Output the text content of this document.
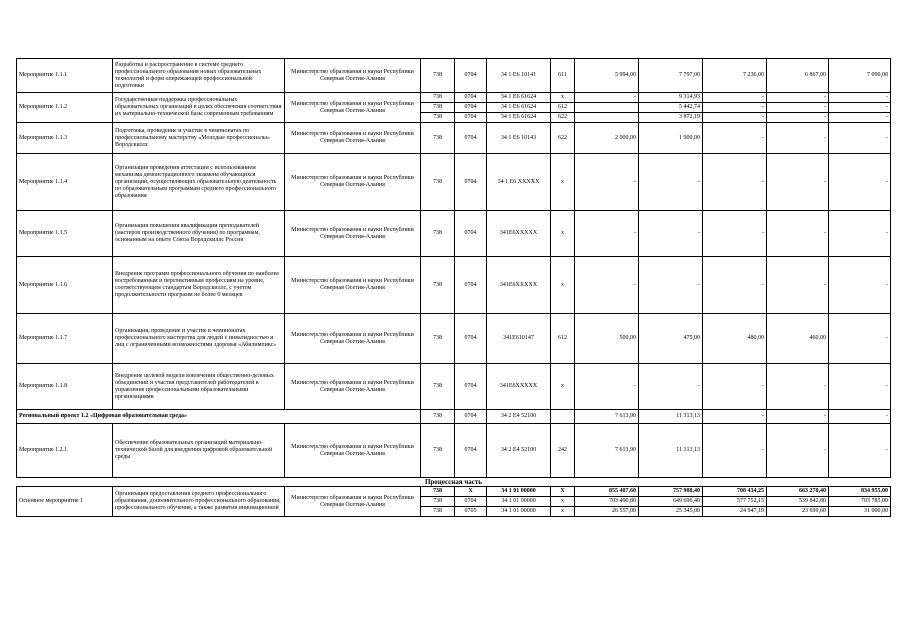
Мероприятие 1.1.1	Разработка и распространение в системе среднего профессионального образования новых образовательных технологий и форм опережающей профессиональной подготовки	Министерство образования и науки Республики Северная Осетия-Алания	738	0704	34 1 E6 10141	611	5 994,00	7 797,00	7 236,00	6 867,00	7 090,00
Мероприятие 1.1.2	Государственная поддержка профессиональных образовательных организаций в целях обеспечения соответствия их материально-технической базы современным требованиям	Министерство образования и науки Республики Северная Осетия-Алания	738	0704	34 1 E6 61624	x	-	9 314,93	-	-	-
			738	0704	34 1 E6 61624	612		5 442,74	-	-	-
			738	0704	34 1 E6 61624	622		3 872,19	-	-	-
Мероприятие 1.1.3	Подготовка, проведение и участие в чемпионатах по профессиональному мастерству «Молодые профессионалы» Ворлдскиллс	Министерство образования и науки Республики Северная Осетия-Алания	738	0704	34 1 E6 10143	622	2 000,00	1 900,00	-	-	-
Мероприятие 1.1.4	Организация проведения аттестации с использованием механизма демонстрационного экзамена обучающихся организаций, осуществляющих образовательную деятельность по образовательным программам среднего профессионального образования	Министерство образования и науки Республики Северная Осетия-Алания	738	0704	34 1 E6 XXXXX	x	-	-	-	-	-
Мероприятие 1.1.5	Организация повышения квалификации преподавателей (мастеров производственного обучения) по программам, основанным на опыте Союза Ворлдскиллс Россия	Министерство образования и науки Республики Северная Осетия-Алания	738	0704	341E6XXXXX	x	-	-	-	-	-
Мероприятие 1.1.6	Внедрение программ профессионального обучения по наиболее востребованным и перспективным профессиям на уровне, соответствующем стандартам Ворлдскиллс, с учетом продолжительности программ не более 6 месяцев	Министерство образования и науки Республики Северная Осетия-Алания	738	0704	341E6XXXXX	x	-	-	-	-	-
Мероприятие 1.1.7	Организация, проведение и участие в чемпионатах профессионального мастерства для людей с инвалидностью и лиц с ограниченными возможностями здоровья «Абилимпикс»	Министерство образования и науки Республики Северная Осетия-Алания	738	0704	341E610147	612	500,00	475,00	480,00	460,00	-
Мероприятие 1.1.8	Внедрение целевой модели вовлечения общественно-деловых объединений и участия представителей работодателей в управление профессиональными образовательными организациями	Министерство образования и науки Республики Северная Осетия-Алания	738	0704	341E6XXXXX	x	-	-	-	-	-
Региональный проект 1.2 «Цифровая образовательная среда»			738	0704	34 2 E4 52100		7 613,90	11 313,13	-	-	-
Мероприятие 1.2.1.	Обеспечение образовательных организаций материально-технической базой для внедрения цифровой образовательной среды	Министерство образования и науки Республики Северная Осетия-Алания	738	0704	34 2 E4 52100	242	7 613,90	11 313,13	-	-	-
Процессная часть											
Основное мероприятие 1	Организация предоставления среднего профессионального образования, дополнительного профессионального образования, профессионального обучения, а также развития инновационной	Министерство образования и науки Республики Северная Осетия-Алания	738	X	34 1 01 00000	X	855 407,60	757 988,40	708 434,25	663 270,40	834 955,00
			738	0704	34 1 01 00000	x	703 490,80	649 696,40	577 752,15	539 842,80	703 785,00
			738	0705	34 1 01 00000	x	26 557,00	25 345,00	24 947,10	23 699,60	31 000,00
